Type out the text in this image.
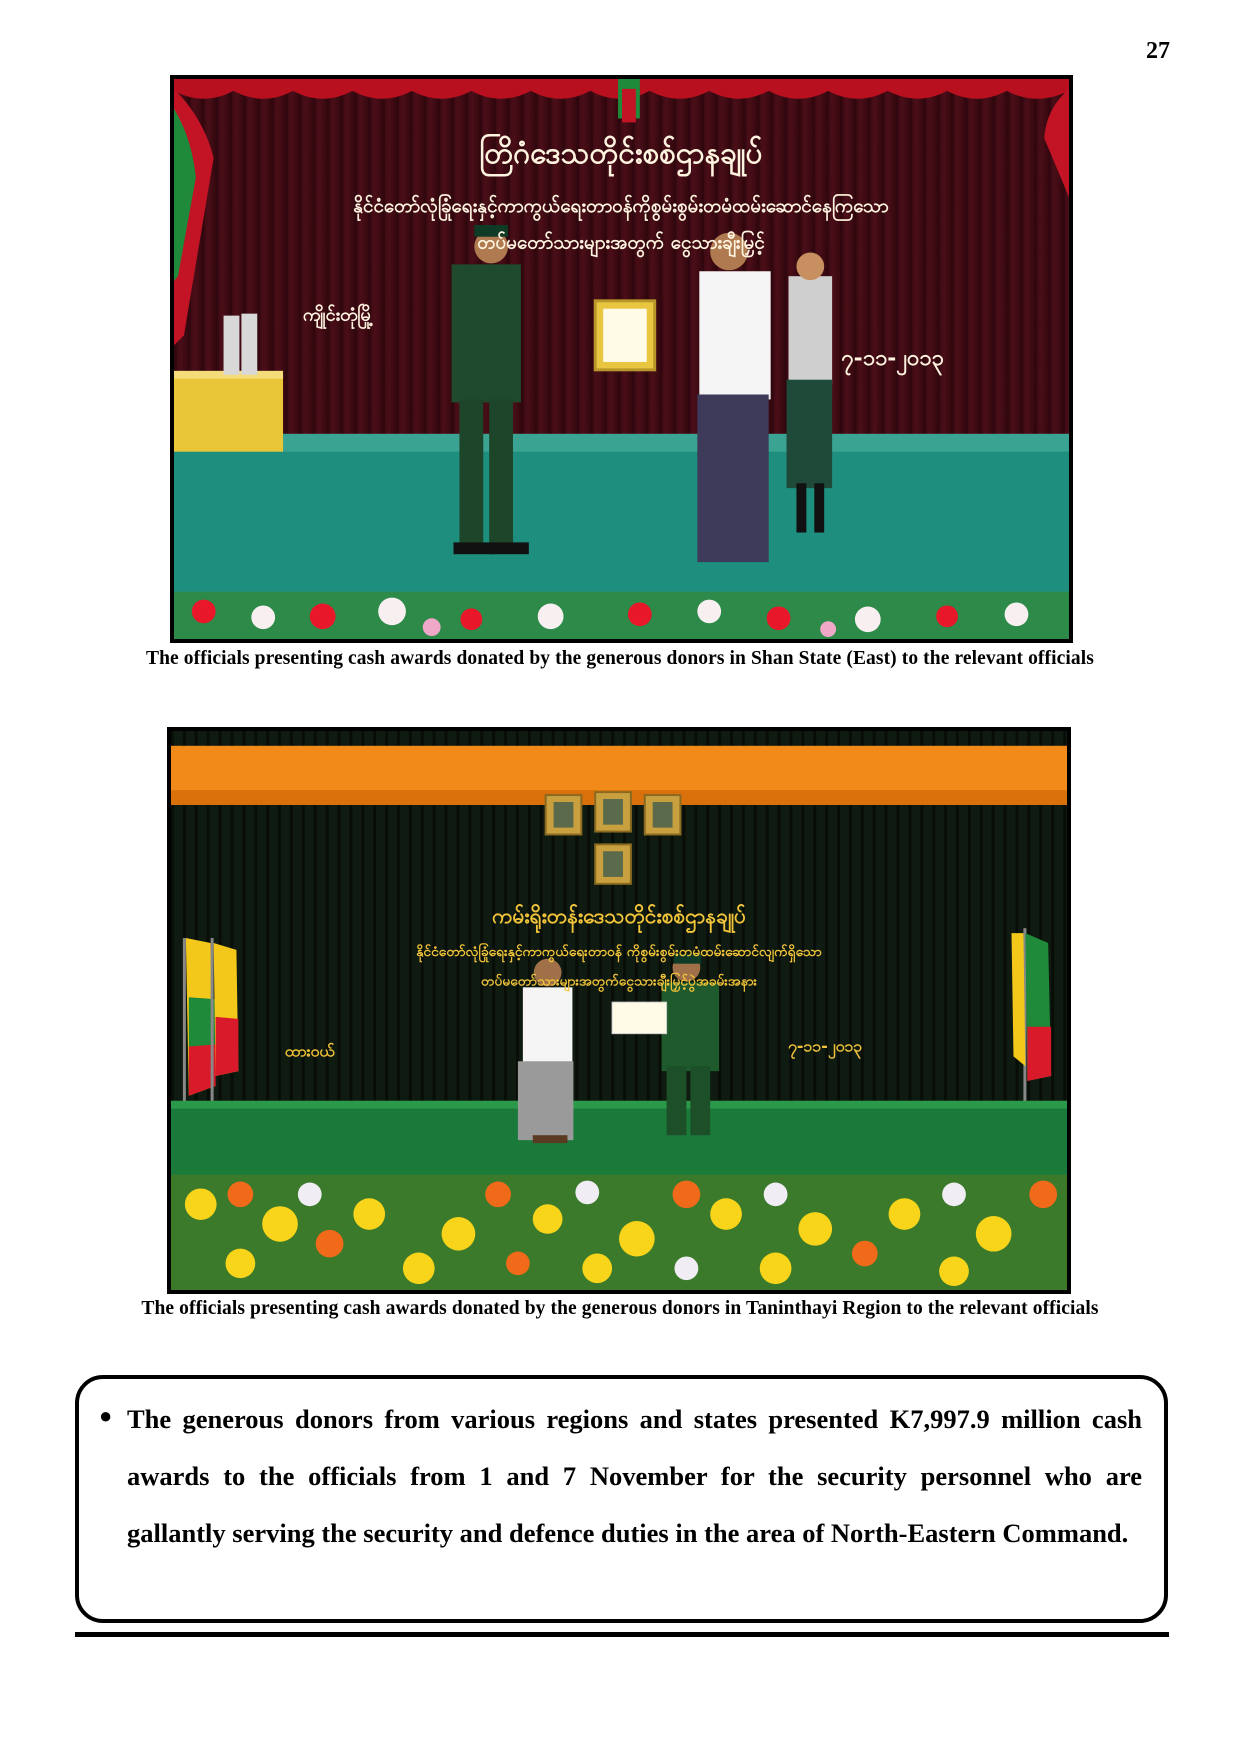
27
တြိဂံဒေသတိုင်းစစ်ဌာနချုပ်
နိုင်ငံတော်လုံခြုံရေးနှင့်ကာကွယ်ရေးတာဝန်ကိုစွမ်းစွမ်းတမံထမ်းဆောင်နေကြသော
တပ်မတော်သားများအတွက် ငွေသားချီးမြှင့်
ကျိုင်းတုံမြို့
၇-၁၁-၂၀၁၃
The officials presenting cash awards donated by the generous donors in Shan State (East) to the relevant officials
ကမ်းရိုးတန်းဒေသတိုင်းစစ်ဌာနချုပ်
နိုင်ငံတော်လုံခြုံရေးနှင့်ကာကွယ်ရေးတာဝန် ကိုစွမ်းစွမ်းတမံထမ်းဆောင်လျက်ရှိသော
တပ်မတော်သားများအတွက်ငွေသားချီးမြှင့်ပွဲအခမ်းအနား
ထားဝယ်	၇-၁၁-၂၀၁၃
The officials presenting cash awards donated by the generous donors in Taninthayi Region to the relevant officials
● The generous donors from various regions and states presented K7,997.9 million cash awards to the officials from 1 and 7 November for the security personnel who are gallantly serving the security and defence duties in the area of North-Eastern Command.
